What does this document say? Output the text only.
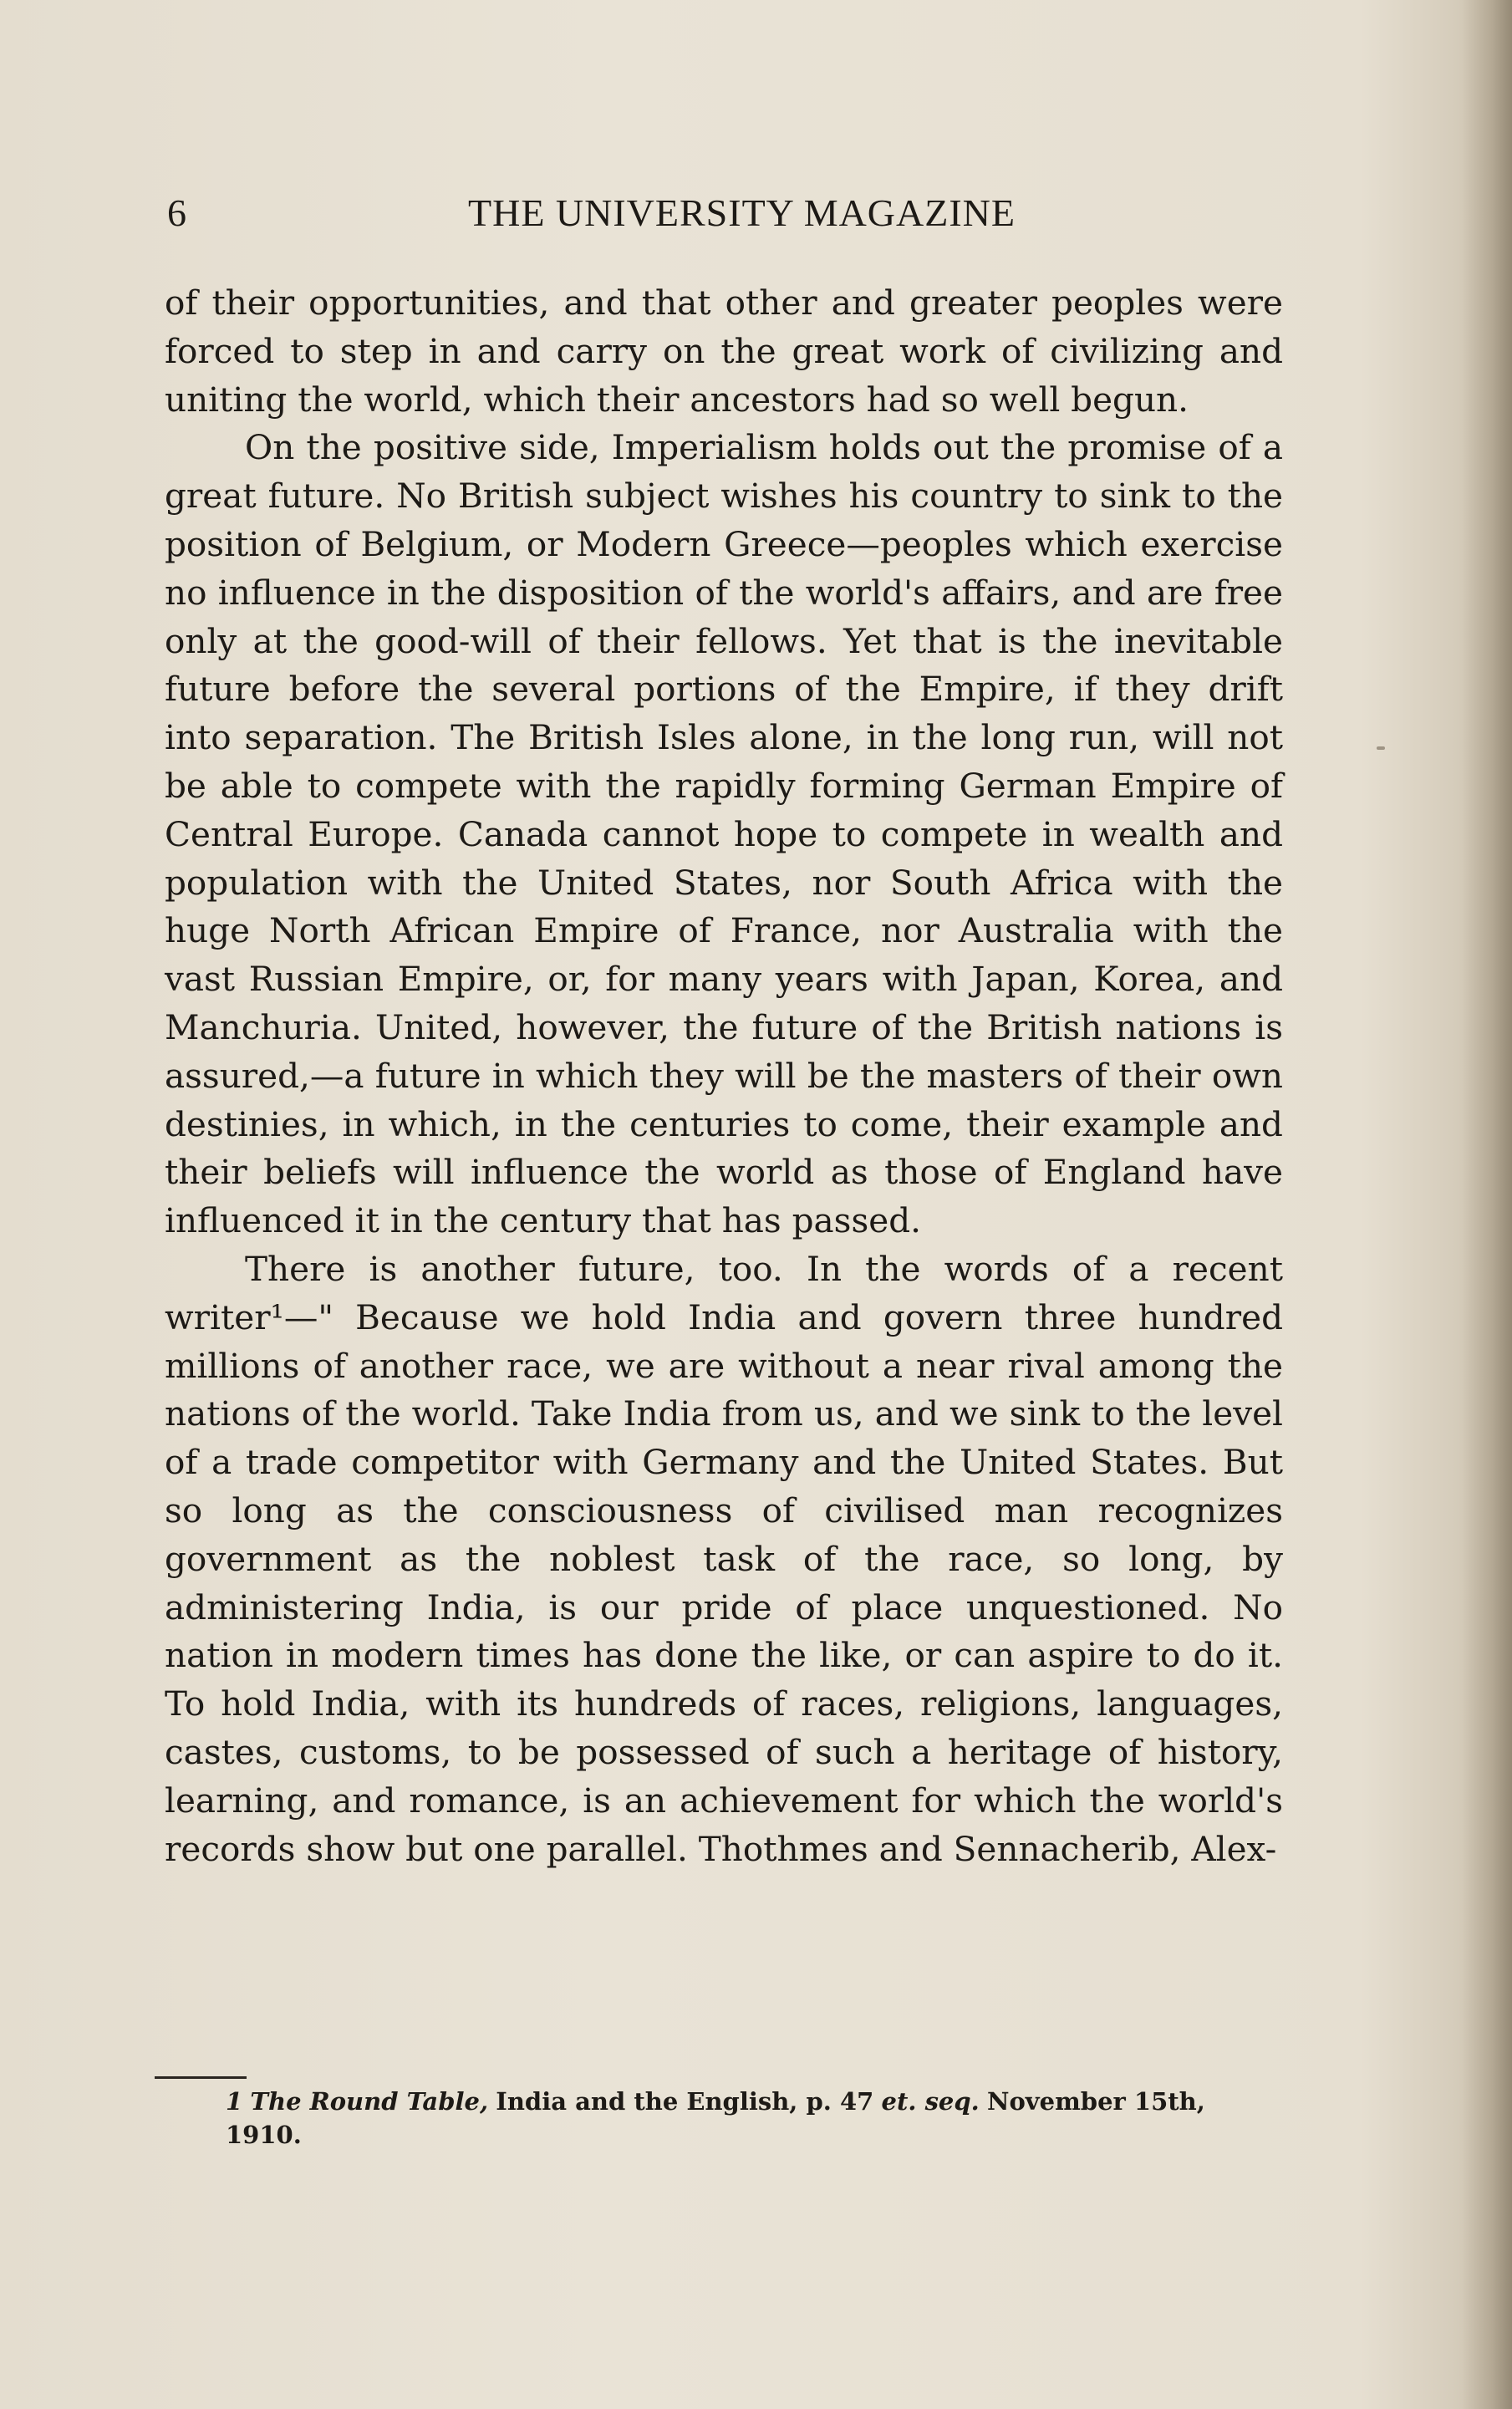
6	THE UNIVERSITY MAGAZINE

of their opportunities, and that other and greater peoples were forced to step in and carry on the great work of civilizing and uniting the world, which their ancestors had so well begun.

On the positive side, Imperialism holds out the promise of a great future. No British subject wishes his country to sink to the position of Belgium, or Modern Greece—peoples which exercise no influence in the disposition of the world's affairs, and are free only at the good-will of their fellows. Yet that is the inevitable future before the several portions of the Empire, if they drift into separation. The British Isles alone, in the long run, will not be able to compete with the rapidly forming German Empire of Central Europe. Canada cannot hope to compete in wealth and population with the United States, nor South Africa with the huge North African Empire of France, nor Australia with the vast Russian Empire, or, for many years with Japan, Korea, and Manchuria. United, however, the future of the British nations is assured,—a future in which they will be the masters of their own destinies, in which, in the centuries to come, their example and their beliefs will influence the world as those of England have influenced it in the century that has passed.

There is another future, too. In the words of a recent writer¹—" Because we hold India and govern three hundred millions of another race, we are without a near rival among the nations of the world. Take India from us, and we sink to the level of a trade competitor with Germany and the United States. But so long as the consciousness of civilised man recognizes government as the noblest task of the race, so long, by administering India, is our pride of place unquestioned. No nation in modern times has done the like, or can aspire to do it. To hold India, with its hundreds of races, religions, languages, castes, customs, to be possessed of such a heritage of history, learning, and romance, is an achievement for which the world's records show but one parallel. Thothmes and Sennacherib, Alex-

1 The Round Table, India and the English, p. 47 et. seq. November 15th, 1910.
